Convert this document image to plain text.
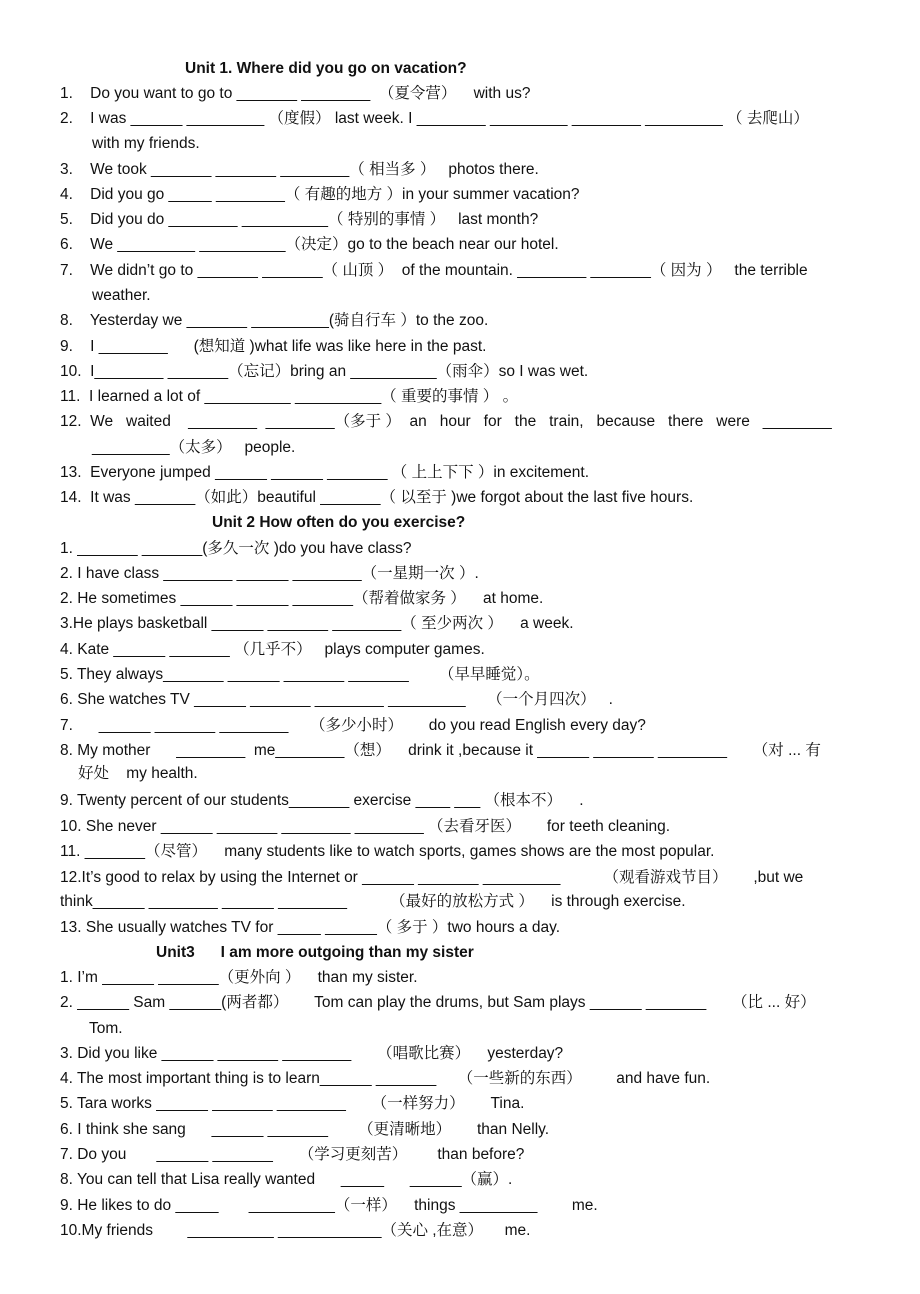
Unit 1. Where did you go on vacation?
1.    Do you want to go to _______ ________  （夏令营）    with us?
2.    I was ______ _________ （度假） last week. I ________ _________ ________ _________ （ 去爬山）
with my friends.
3.    We took _______ _______ ________（ 相当多 ）   photos there.
4.    Did you go _____ ________（ 有趣的地方 ）in your summer vacation?
5.    Did you do ________ __________（ 特别的事情 ）   last month?
6.    We _________ __________（决定）go to the beach near our hotel.
7.    We didn’t go to _______ _______（ 山顶 ）  of the mountain. ________ _______（ 因为 ）   the terrible
weather.
8.    Yesterday we _______ _________(骑自行车 ）to the zoo.
9.    I ________      (想知道 )what life was like here in the past.
10.  I________ _______（忘记）bring an __________（雨伞）so I was wet.
11.  I learned a lot of __________ __________（ 重要的事情 ） 。
12.  We   waited    ________  ________（多于 ）  an   hour   for   the   train,   because   there   were   ________
_________（太多）   people.
13.  Everyone jumped ______ ______ _______ （ 上上下下 ）in excitement.
14.  It was _______（如此）beautiful _______（ 以至于 )we forgot about the last five hours.
Unit 2 How often do you exercise?
1. _______ _______(多久一次 )do you have class?
2. I have class ________ ______ ________（一星期一次 ）.
2. He sometimes ______ ______ _______（帮着做家务 ）    at home.
3.He plays basketball ______ _______ ________（ 至少两次 ）    a week.
4. Kate ______ _______ （几乎不）   plays computer games.
5. They always_______ ______ _______ _______       （早早睡觉）。
6. She watches TV ______ _______ ________ _________     （一个月四次）   .
7.      ______ _______ ________     （多少小时）      do you read English every day?
8. My mother      ________  me________（想）    drink it ,because it ______ _______ ________      （对 ... 有
好处    my health.
9. Twenty percent of our students_______ exercise ____ ___ （根本不）    .
10. She never ______ _______ ________ ________ （去看牙医）      for teeth cleaning.
11. _______（尽管）    many students like to watch sports, games shows are the most popular.
12.It’s good to relax by using the Internet or ______ _______ _________          （观看游戏节目）      ,but we
think______ ________ ______ ________          （最好的放松方式 ）    is through exercise.
13. She usually watches TV for _____ ______（ 多于 ）two hours a day.
Unit3      I am more outgoing than my sister
1. I’m ______ _______（更外向 ）    than my sister.
2. ______ Sam ______(两者都）      Tom can play the drums, but Sam plays ______ _______      （比 ... 好）
Tom.
3. Did you like ______ _______ ________      （唱歌比赛）    yesterday?
4. The most important thing is to learn______ _______     （一些新的东西）        and have fun.
5. Tara works ______ _______ ________      （一样努力）      Tina.
6. I think she sang      ______ _______       （更清晰地）      than Nelly.
7. Do you       ______ _______      （学习更刻苦）       than before?
8. You can tell that Lisa really wanted      _____      ______（赢）.
9. He likes to do _____       __________（一样）    things _________        me.
10.My friends        __________ ____________（关心 ,在意）     me.
